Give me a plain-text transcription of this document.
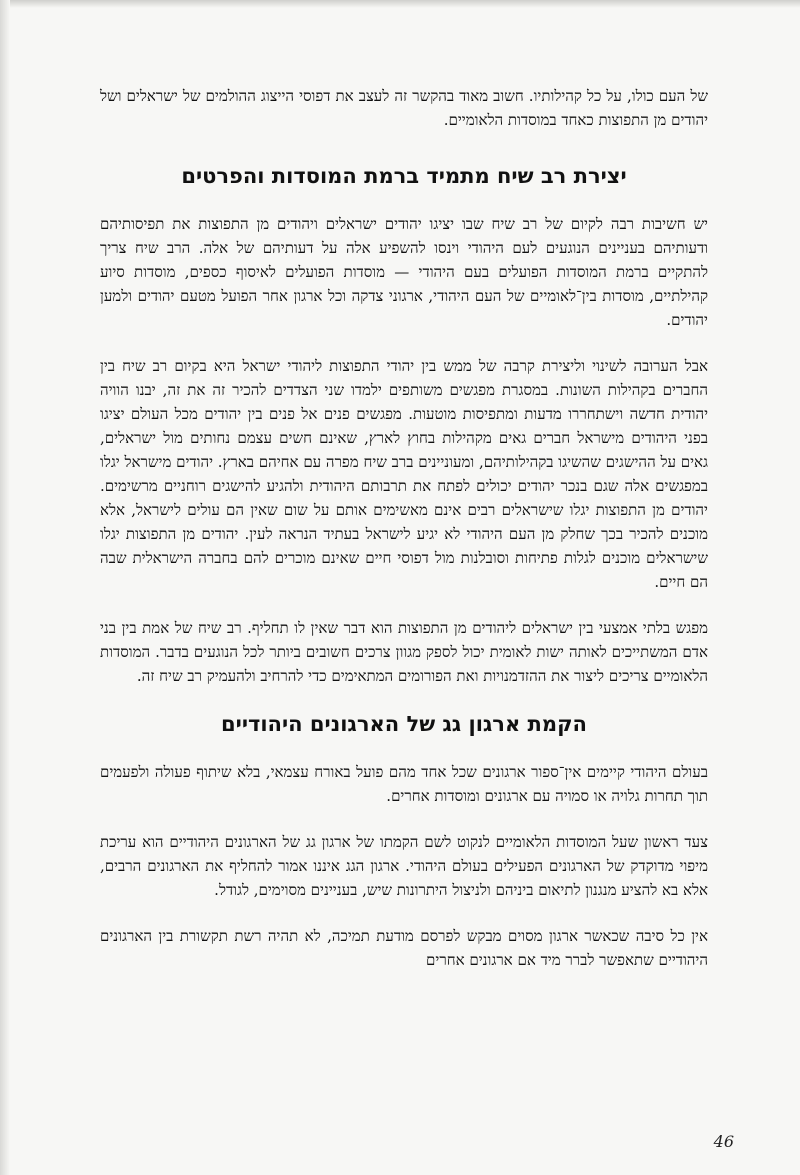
של העם כולו, על כל קהילותיו. חשוב מאוד בהקשר זה לעצב את דפוסי הייצוג ההולמים של ישראלים ושל יהודים מן התפוצות כאחד במוסדות הלאומיים.

יצירת רב שיח מתמיד ברמת המוסדות והפרטים

יש חשיבות רבה לקיום של רב שיח שבו יציגו יהודים ישראלים ויהודים מן התפוצות את תפיסותיהם ודעותיהם בעניינים הנוגעים לעם היהודי וינסו להשפיע אלה על דעותיהם של אלה. הרב שיח צריך להתקיים ברמת המוסדות הפועלים בעם היהודי — מוסדות הפועלים לאיסוף כספים, מוסדות סיוע קהילתיים, מוסדות בין־לאומיים של העם היהודי, ארגוני צדקה וכל ארגון אחר הפועל מטעם יהודים ולמען יהודים.

אבל הערובה לשינוי וליצירת קרבה של ממש בין יהודי התפוצות ליהודי ישראל היא בקיום רב שיח בין החברים בקהילות השונות. במסגרת מפגשים משותפים ילמדו שני הצדדים להכיר זה את זה, יבנו הוויה יהודית חדשה וישתחררו מדעות ומתפיסות מוטעות. מפגשים פנים אל פנים בין יהודים מכל העולם יציגו בפני היהודים מישראל חברים גאים מקהילות בחוץ לארץ, שאינם חשים עצמם נחותים מול ישראלים, גאים על ההישגים שהשיגו בקהילותיהם, ומעוניינים ברב שיח מפרה עם אחיהם בארץ. יהודים מישראל יגלו במפגשים אלה שגם בנכר יהודים יכולים לפתח את תרבותם היהודית ולהגיע להישגים רוחניים מרשימים. יהודים מן התפוצות יגלו שישראלים רבים אינם מאשימים אותם על שום שאין הם עולים לישראל, אלא מוכנים להכיר בכך שחלק מן העם היהודי לא יגיע לישראל בעתיד הנראה לעין. יהודים מן התפוצות יגלו שישראלים מוכנים לגלות פתיחות וסובלנות מול דפוסי חיים שאינם מוכרים להם בחברה הישראלית שבה הם חיים.

מפגש בלתי אמצעי בין ישראלים ליהודים מן התפוצות הוא דבר שאין לו תחליף. רב שיח של אמת בין בני אדם המשתייכים לאותה ישות לאומית יכול לספק מגוון צרכים חשובים ביותר לכל הנוגעים בדבר. המוסדות הלאומיים צריכים ליצור את ההזדמנויות ואת הפורומים המתאימים כדי להרחיב ולהעמיק רב שיח זה.

הקמת ארגון גג של הארגונים היהודיים

בעולם היהודי קיימים אין־ספור ארגונים שכל אחד מהם פועל באורח עצמאי, בלא שיתוף פעולה ולפעמים תוך תחרות גלויה או סמויה עם ארגונים ומוסדות אחרים.

צעד ראשון שעל המוסדות הלאומיים לנקוט לשם הקמתו של ארגון גג של הארגונים היהודיים הוא עריכת מיפוי מדוקדק של הארגונים הפעילים בעולם היהודי. ארגון הגג איננו אמור להחליף את הארגונים הרבים, אלא בא להציע מנגנון לתיאום ביניהם ולניצול היתרונות שיש, בעניינים מסוימים, לגודל.

אין כל סיבה שכאשר ארגון מסוים מבקש לפרסם מודעת תמיכה, לא תהיה רשת תקשורת בין הארגונים היהודיים שתאפשר לברר מיד אם ארגונים אחרים

46
